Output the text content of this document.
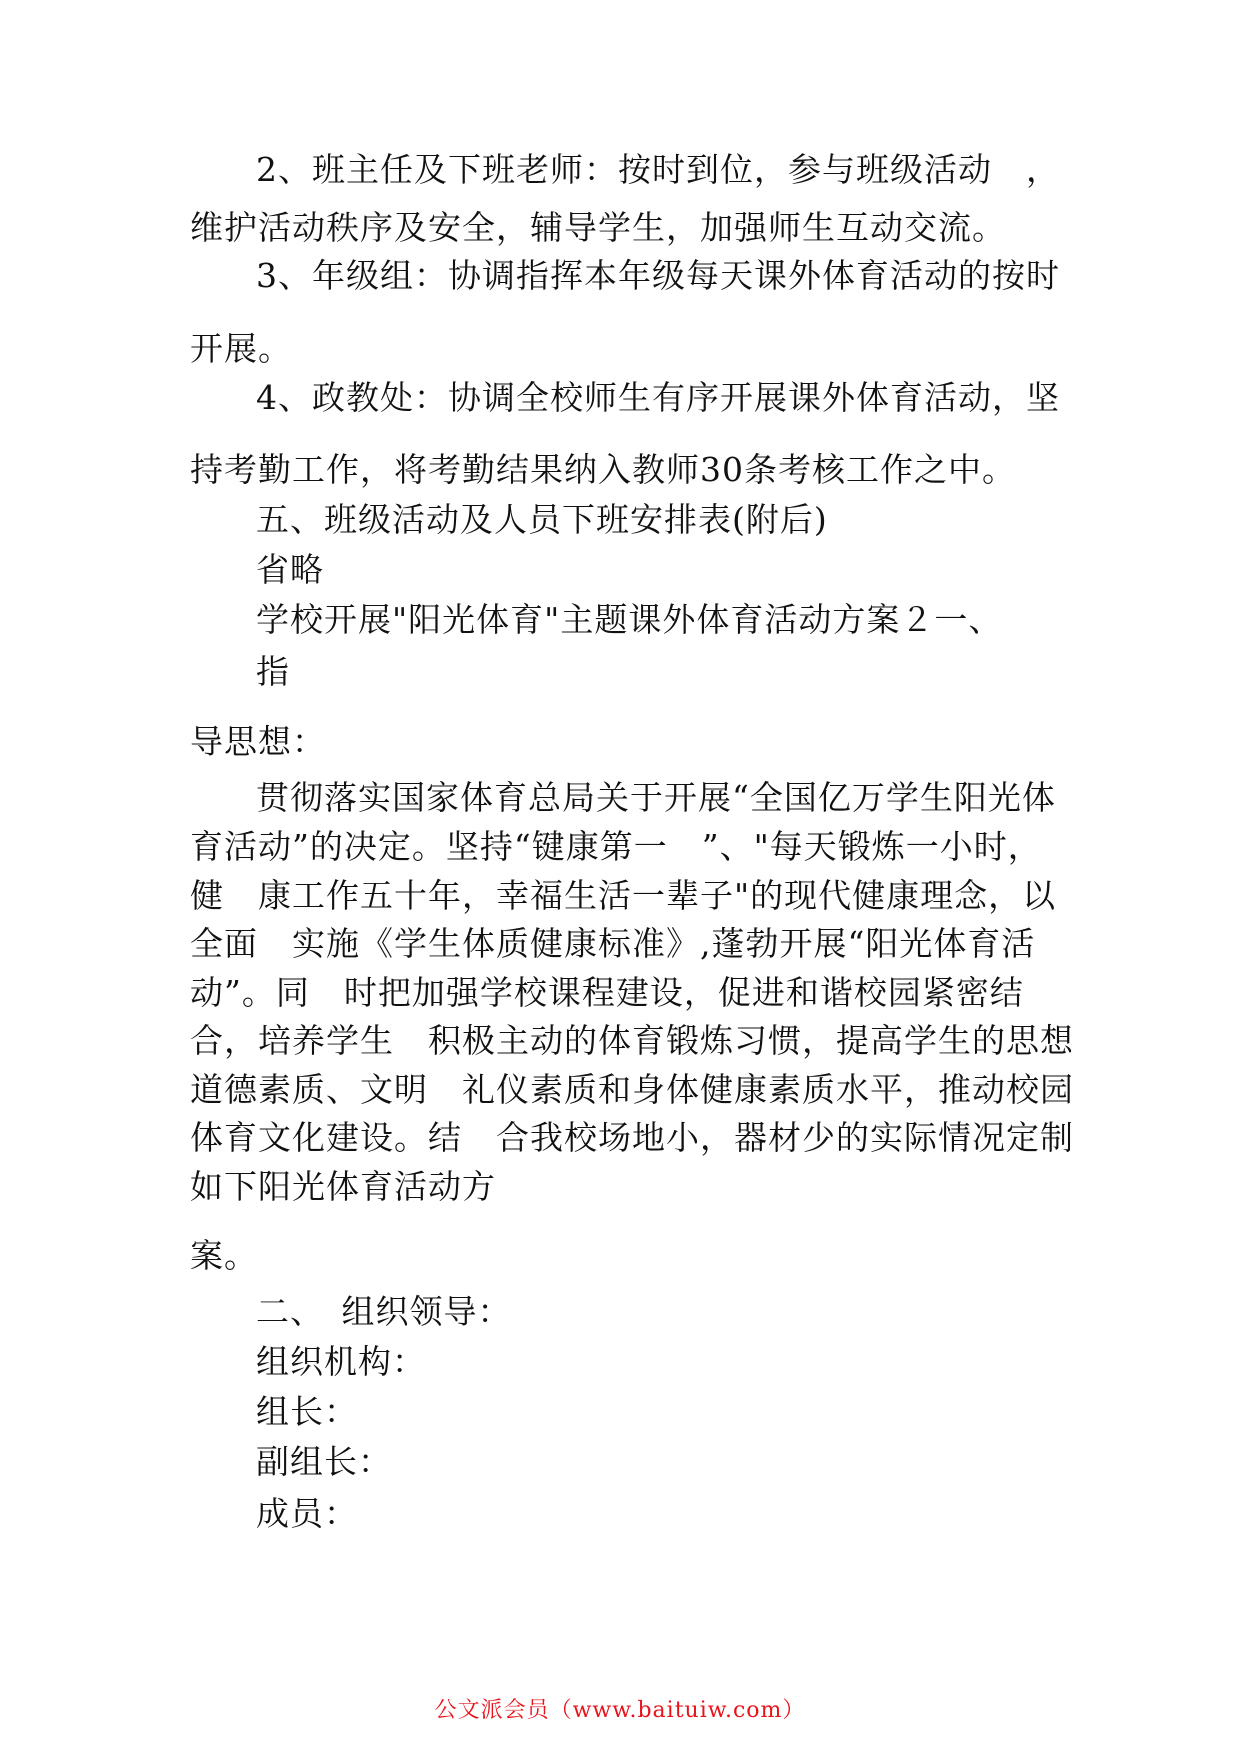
2、班主任及下班老师：按时到位，参与班级活动　，
维护活动秩序及安全，辅导学生，加强师生互动交流。
3、年级组：协调指挥本年级每天课外体育活动的按时
开展。
4、政教处：协调全校师生有序开展课外体育活动，坚
持考勤工作，将考勤结果纳入教师30条考核工作之中。
五、班级活动及人员下班安排表(附后)
省略
学校开展"阳光体育"主题课外体育活动方案２一、
指
导思想：
贯彻落实国家体育总局关于开展“全国亿万学生阳光体
育活动”的决定。坚持“键康第一　”、"每天锻炼一小时，
健　康工作五十年，幸福生活一辈子"的现代健康理念，以
全面　实施《学生体质健康标准》,蓬勃开展“阳光体育活
动”。同　时把加强学校课程建设，促进和谐校园紧密结
合，培养学生　积极主动的体育锻炼习惯，提高学生的思想
道德素质、文明　礼仪素质和身体健康素质水平，推动校园
体育文化建设。结　合我校场地小，器材少的实际情况定制
如下阳光体育活动方
案。
二、　组织领导：
组织机构：
组长：
副组长：
成员：
公文派会员（www.baituiw.com）
